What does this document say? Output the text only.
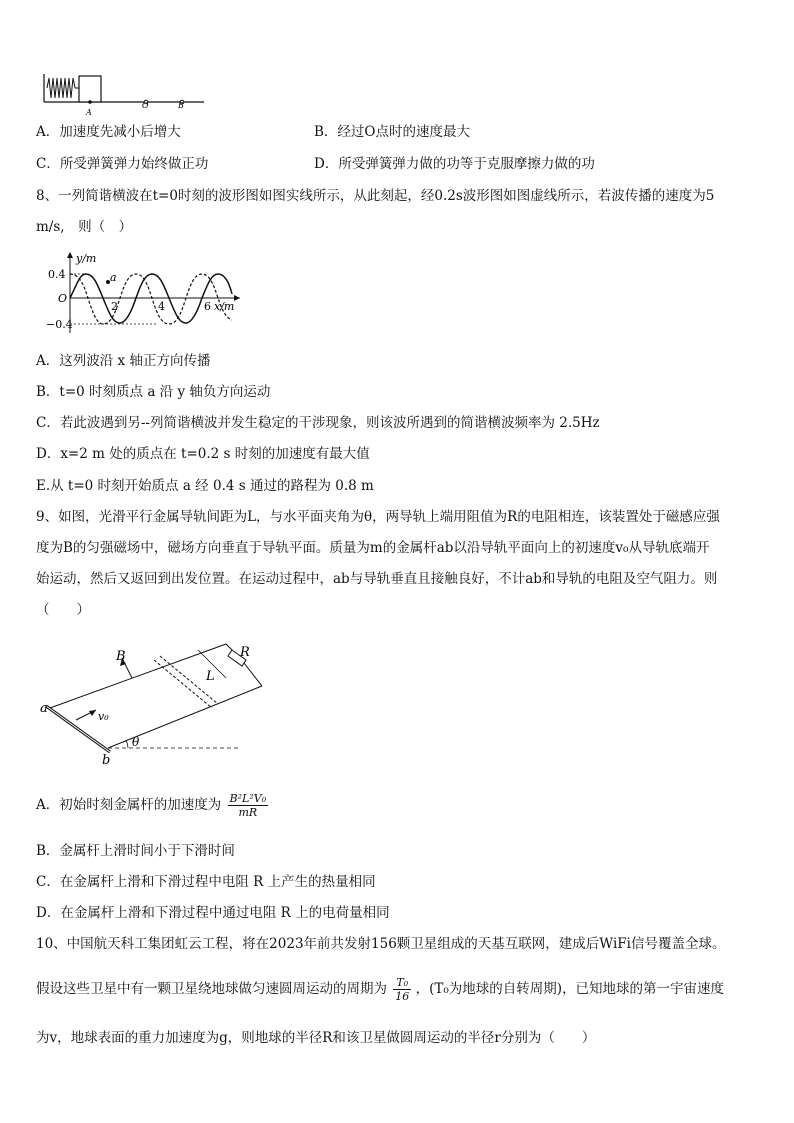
A
O	B
A．加速度先减小后增大	B．经过O点时的速度最大
C．所受弹簧弹力始终做正功	D．所受弹簧弹力做的功等于克服摩擦力做的功
8、一列简谐横波在t=0时刻的波形图如图实线所示，从此刻起，经0.2s波形图如图虚线所示，若波传播的速度为5
m/s,　则（　）
a
y/m
0.4
−0.4
O
2	4	6 x/m
A．这列波沿 x 轴正方向传播
B．t=0 时刻质点 a 沿 y 轴负方向运动
C．若此波遇到另--列简谐横波并发生稳定的干涉现象，则该波所遇到的简谐横波频率为 2.5Hz
D．x=2 m 处的质点在 t=0.2 s 时刻的加速度有最大值
E.从 t=0 时刻开始质点 a 经 0.4 s 通过的路程为 0.8 m
9、如图，光滑平行金属导轨间距为L，与水平面夹角为θ，两导轨上端用阻值为R的电阻相连，该装置处于磁感应强
度为B的匀强磁场中，磁场方向垂直于导轨平面。质量为m的金属杆ab以沿导轨平面向上的初速度v₀从导轨底端开
始运动，然后又返回到出发位置。在运动过程中，ab与导轨垂直且接触良好，不计ab和导轨的电阻及空气阻力。则
（　　）
R
L
B
v₀
θ
a
b
A．初始时刻金属杆的加速度为 $\frac{\text{B²L²V₀}}{mR}$
B．金属杆上滑时间小于下滑时间
C．在金属杆上滑和下滑过程中电阻 R 上产生的热量相同
D．在金属杆上滑和下滑过程中通过电阻 R 上的电荷量相同
10、中国航天科工集团虹云工程，将在2023年前共发射156颗卫星组成的天基互联网，建成后WiFi信号覆盖全球。
假设这些卫星中有一颗卫星绕地球做匀速圆周运动的周期为 $\frac{\text{T₀}}{16}$ ，(T₀为地球的自转周期)，已知地球的第一宇宙速度
为v，地球表面的重力加速度为g，则地球的半径R和该卫星做圆周运动的半径r分别为（　　）
